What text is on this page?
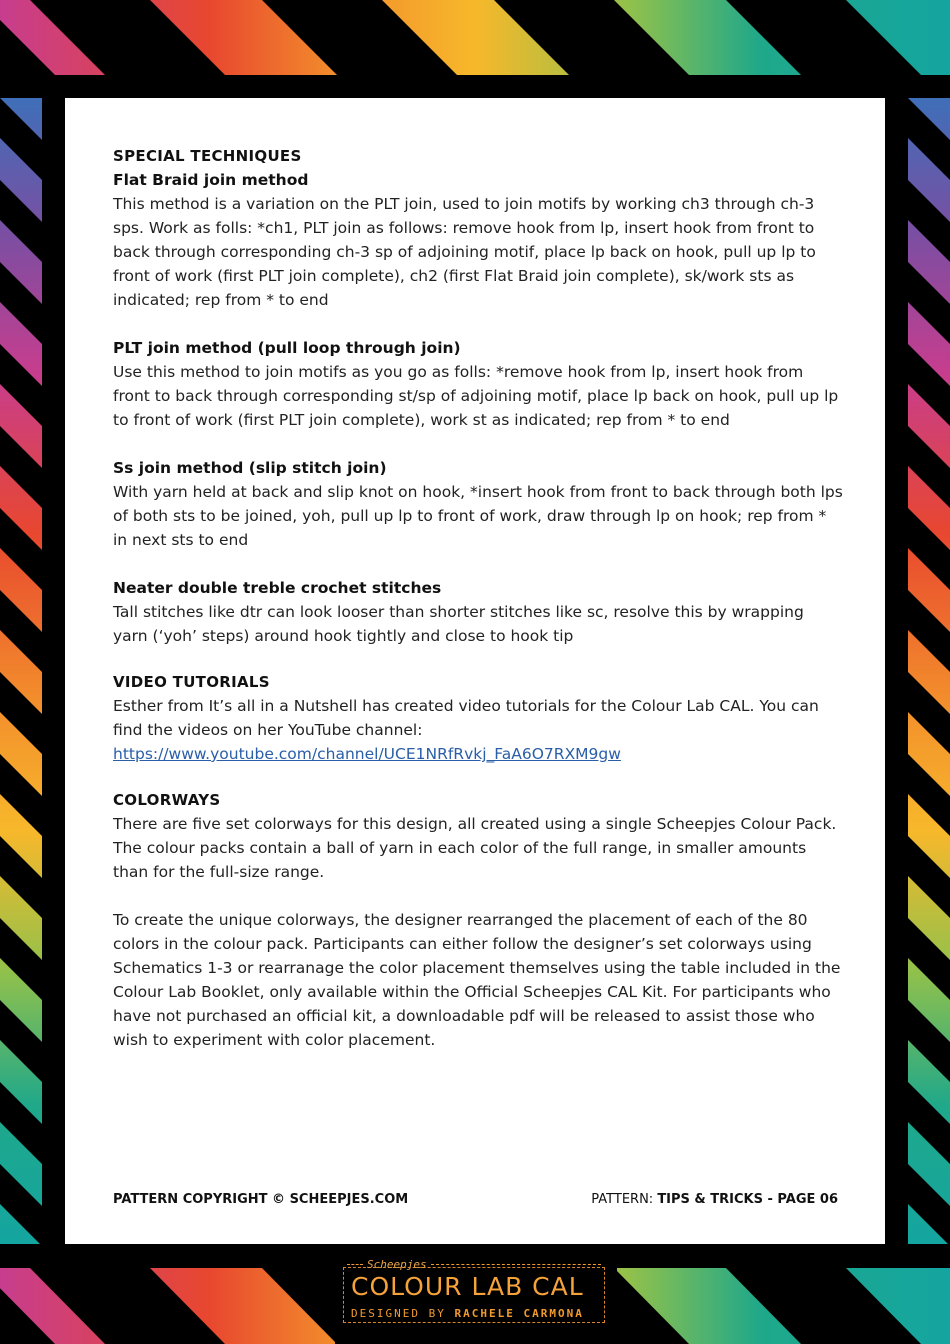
SPECIAL TECHNIQUES

Flat Braid join method

This method is a variation on the PLT join, used to join motifs by working ch3 through ch-3 sps. Work as folls: *ch1, PLT join as follows: remove hook from lp, insert hook from front to back through corresponding ch-3 sp of adjoining motif, place lp back on hook, pull up lp to front of work (first PLT join complete), ch2 (first Flat Braid join complete), sk/work sts as indicated; rep from * to end

PLT join method (pull loop through join)

Use this method to join motifs as you go as folls: *remove hook from lp, insert hook from front to back through corresponding st/sp of adjoining motif, place lp back on hook, pull up lp to front of work (first PLT join complete), work st as indicated; rep from * to end

Ss join method (slip stitch join)

With yarn held at back and slip knot on hook, *insert hook from front to back through both lps of both sts to be joined, yoh, pull up lp to front of work, draw through lp on hook; rep from * in next sts to end

Neater double treble crochet stitches

Tall stitches like dtr can look looser than shorter stitches like sc, resolve this by wrapping yarn (‘yoh’ steps) around hook tightly and close to hook tip

VIDEO TUTORIALS

Esther from It’s all in a Nutshell has created video tutorials for the Colour Lab CAL. You can find the videos on her YouTube channel:

https://www.youtube.com/channel/UCE1NRfRvkj_FaA6O7RXM9gw

COLORWAYS

There are five set colorways for this design, all created using a single Scheepjes Colour Pack. The colour packs contain a ball of yarn in each color of the full range, in smaller amounts than for the full-size range.

To create the unique colorways, the designer rearranged the placement of each of the 80 colors in the colour pack. Participants can either follow the designer’s set colorways using Schematics 1-3 or rearranage the color placement themselves using the table included in the Colour Lab Booklet, only available within the Official Scheepjes CAL Kit. For participants who have not purchased an official kit, a downloadable pdf will be released to assist those who wish to experiment with color placement.

PATTERN COPYRIGHT © SCHEEPJES.COM	PATTERN: TIPS & TRICKS - PAGE 06
Scheepjes
COLOUR LAB CAL
DESIGNED BY RACHELE CARMONA
